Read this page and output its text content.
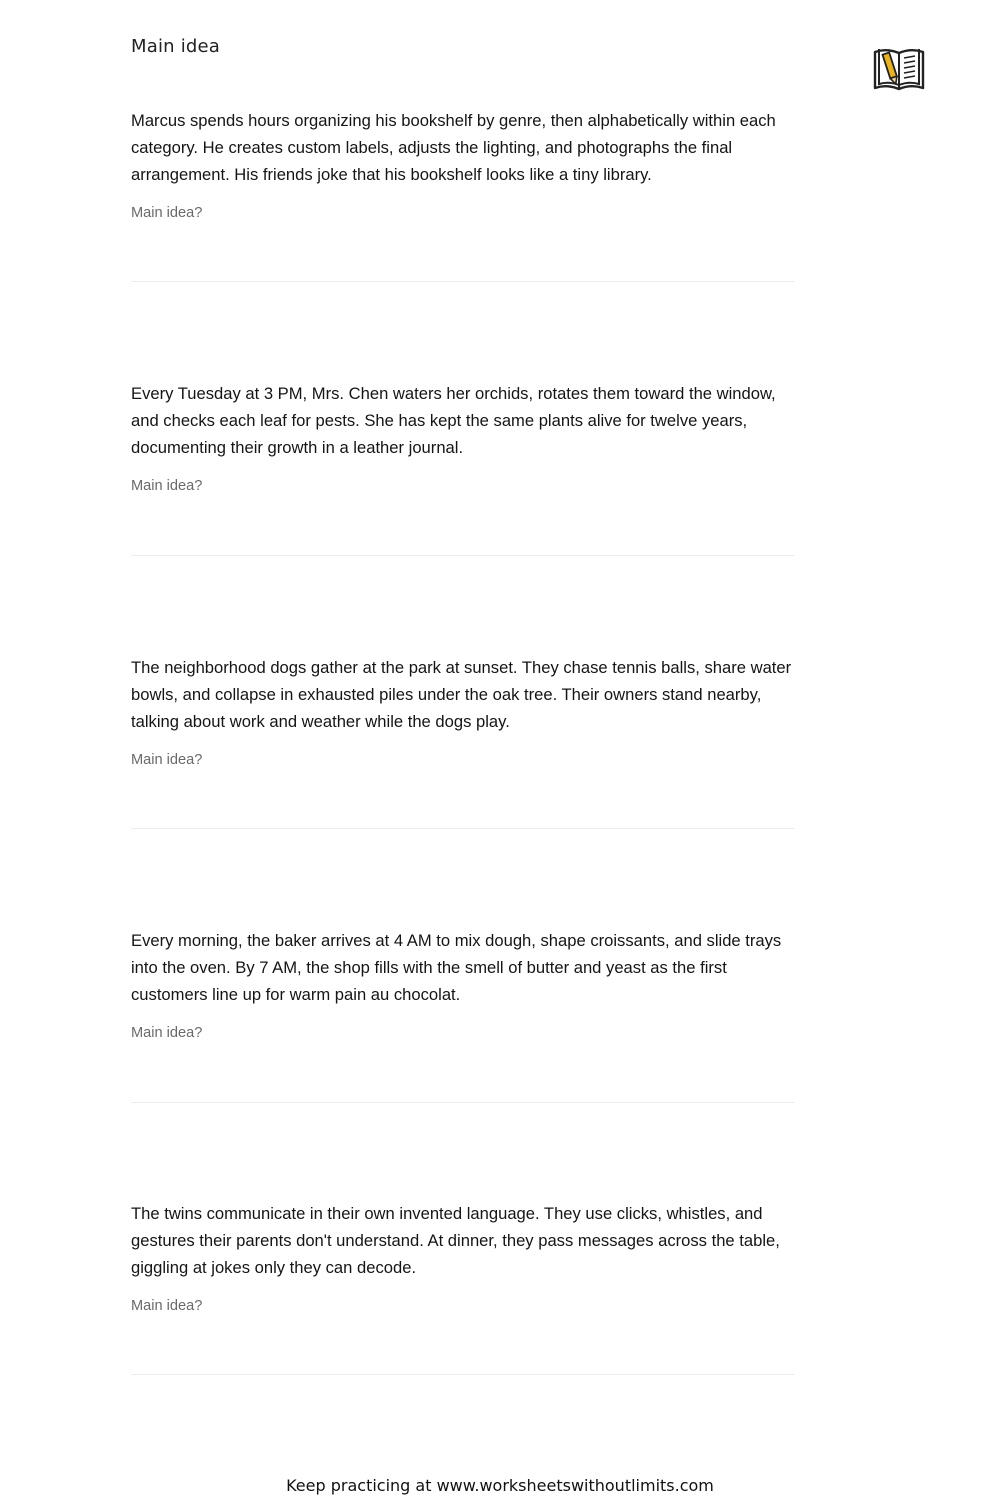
Main idea

Marcus spends hours organizing his bookshelf by genre, then alphabetically within each category. He creates custom labels, adjusts the lighting, and photographs the final arrangement. His friends joke that his bookshelf looks like a tiny library.

Main idea?

Every Tuesday at 3 PM, Mrs. Chen waters her orchids, rotates them toward the window, and checks each leaf for pests. She has kept the same plants alive for twelve years, documenting their growth in a leather journal.

Main idea?

The neighborhood dogs gather at the park at sunset. They chase tennis balls, share water bowls, and collapse in exhausted piles under the oak tree. Their owners stand nearby, talking about work and weather while the dogs play.

Main idea?

Every morning, the baker arrives at 4 AM to mix dough, shape croissants, and slide trays into the oven. By 7 AM, the shop fills with the smell of butter and yeast as the first customers line up for warm pain au chocolat.

Main idea?

The twins communicate in their own invented language. They use clicks, whistles, and gestures their parents don't understand. At dinner, they pass messages across the table, giggling at jokes only they can decode.

Main idea?
Keep practicing at www.worksheetswithoutlimits.com
